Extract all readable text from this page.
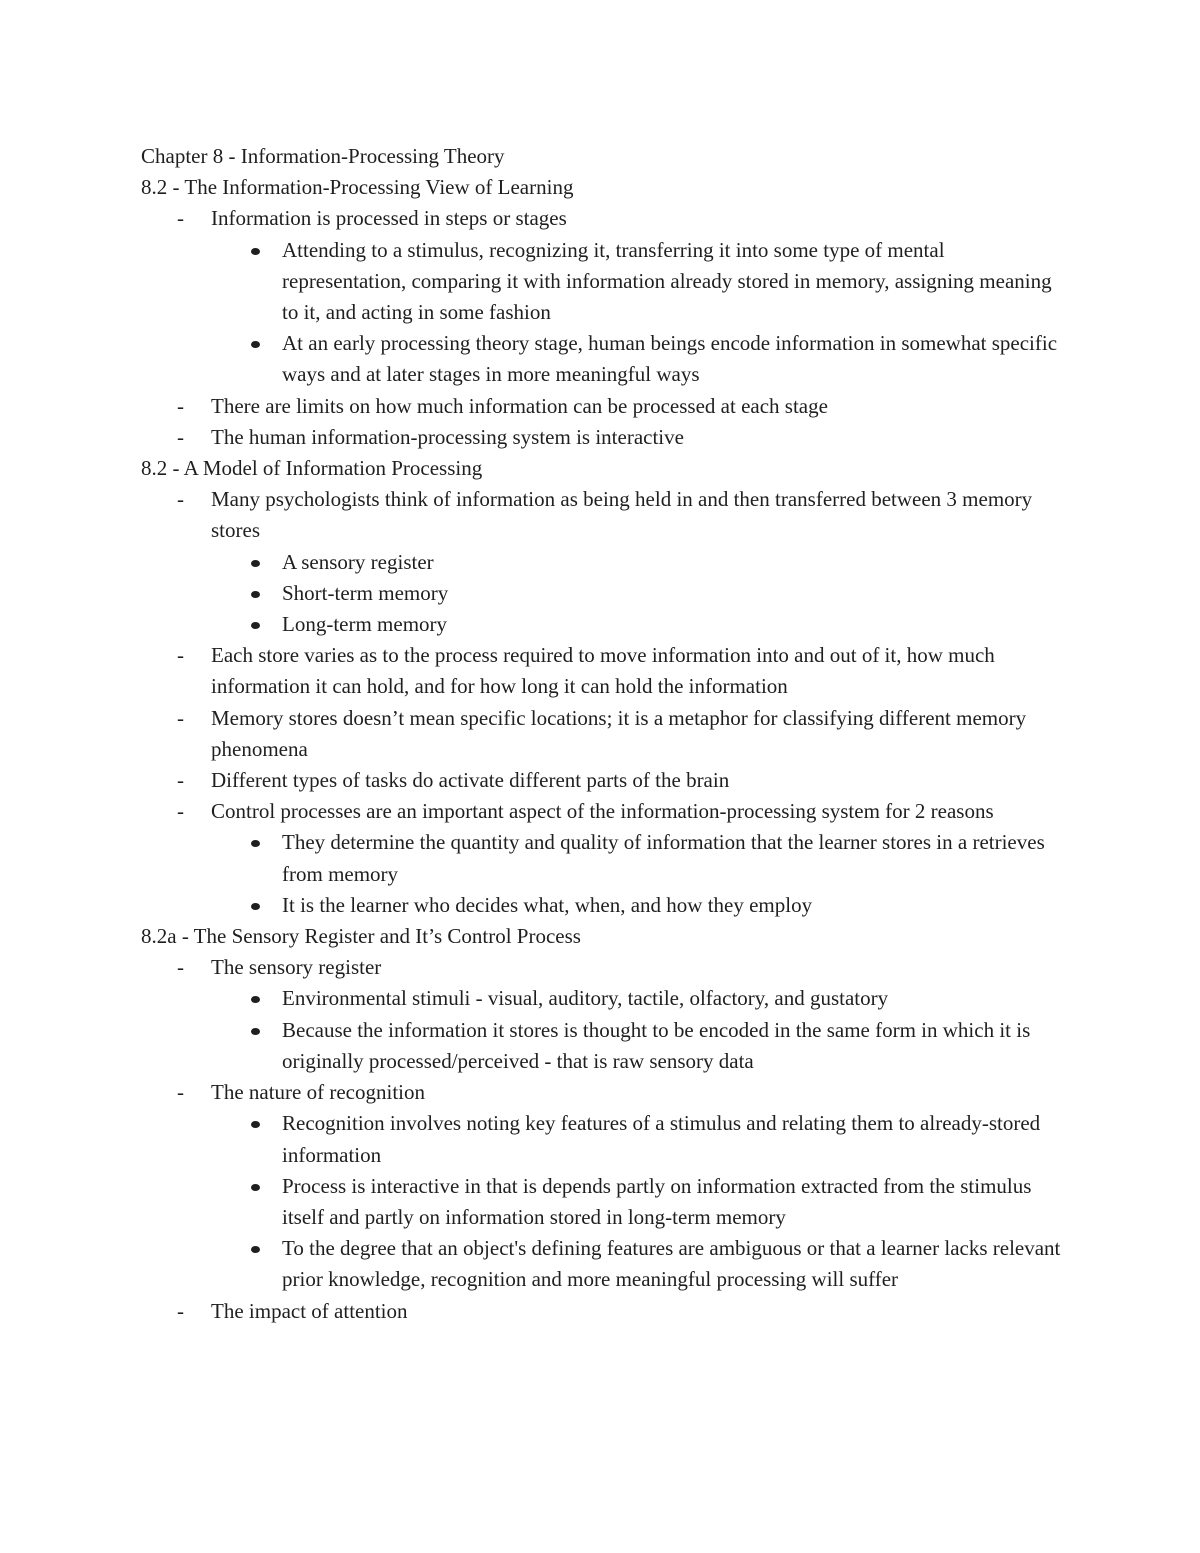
Chapter 8 - Information-Processing Theory
8.2 - The Information-Processing View of Learning
- Information is processed in steps or stages
Attending to a stimulus, recognizing it, transferring it into some type of mental representation, comparing it with information already stored in memory, assigning meaning to it, and acting in some fashion
At an early processing theory stage, human beings encode information in somewhat specific ways and at later stages in more meaningful ways
- There are limits on how much information can be processed at each stage
- The human information-processing system is interactive
8.2 - A Model of Information Processing
- Many psychologists think of information as being held in and then transferred between 3 memory stores
A sensory register
Short-term memory
Long-term memory
- Each store varies as to the process required to move information into and out of it, how much information it can hold, and for how long it can hold the information
- Memory stores doesn’t mean specific locations; it is a metaphor for classifying different memory phenomena
- Different types of tasks do activate different parts of the brain
- Control processes are an important aspect of the information-processing system for 2 reasons
They determine the quantity and quality of information that the learner stores in a retrieves from memory
It is the learner who decides what, when, and how they employ
8.2a - The Sensory Register and It’s Control Process
- The sensory register
Environmental stimuli - visual, auditory, tactile, olfactory, and gustatory
Because the information it stores is thought to be encoded in the same form in which it is originally processed/perceived - that is raw sensory data
- The nature of recognition
Recognition involves noting key features of a stimulus and relating them to already-stored information
Process is interactive in that is depends partly on information extracted from the stimulus itself and partly on information stored in long-term memory
To the degree that an object's defining features are ambiguous or that a learner lacks relevant prior knowledge, recognition and more meaningful processing will suffer
- The impact of attention
